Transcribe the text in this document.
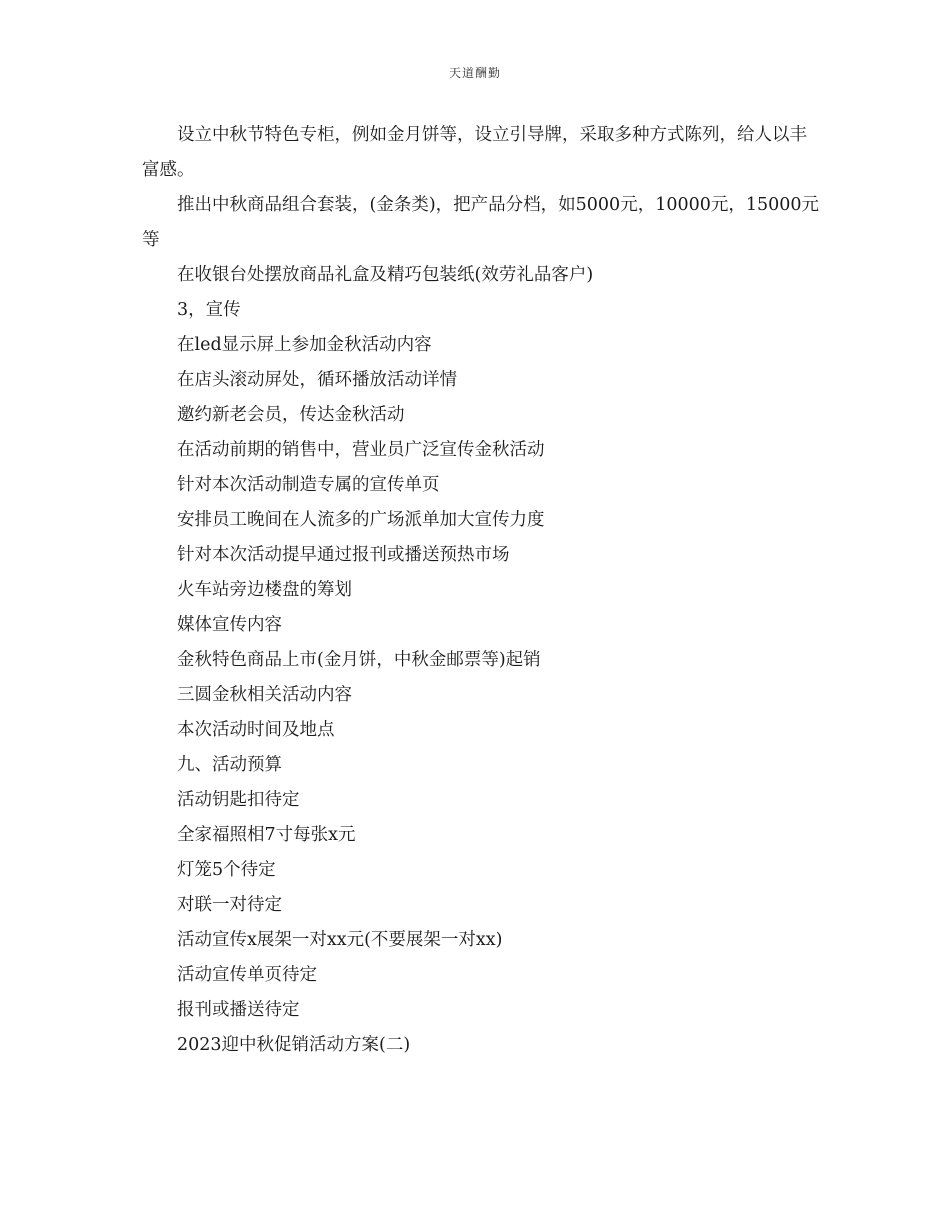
天道酬勤

设立中秋节特色专柜，例如金月饼等，设立引导牌，采取多种方式陈列，给人以丰富感。

推出中秋商品组合套装，(金条类)，把产品分档，如5000元，10000元，15000元等

在收银台处摆放商品礼盒及精巧包装纸(效劳礼品客户)

3，宣传

在led显示屏上参加金秋活动内容

在店头滚动屏处，循环播放活动详情

邀约新老会员，传达金秋活动

在活动前期的销售中，营业员广泛宣传金秋活动

针对本次活动制造专属的宣传单页

安排员工晚间在人流多的广场派单加大宣传力度

针对本次活动提早通过报刊或播送预热市场

火车站旁边楼盘的筹划

媒体宣传内容

金秋特色商品上市(金月饼，中秋金邮票等)起销

三圆金秋相关活动内容

本次活动时间及地点

九、活动预算

活动钥匙扣待定

全家福照相7寸每张x元

灯笼5个待定

对联一对待定

活动宣传x展架一对xx元(不要展架一对xx)

活动宣传单页待定

报刊或播送待定

2023迎中秋促销活动方案(二)
